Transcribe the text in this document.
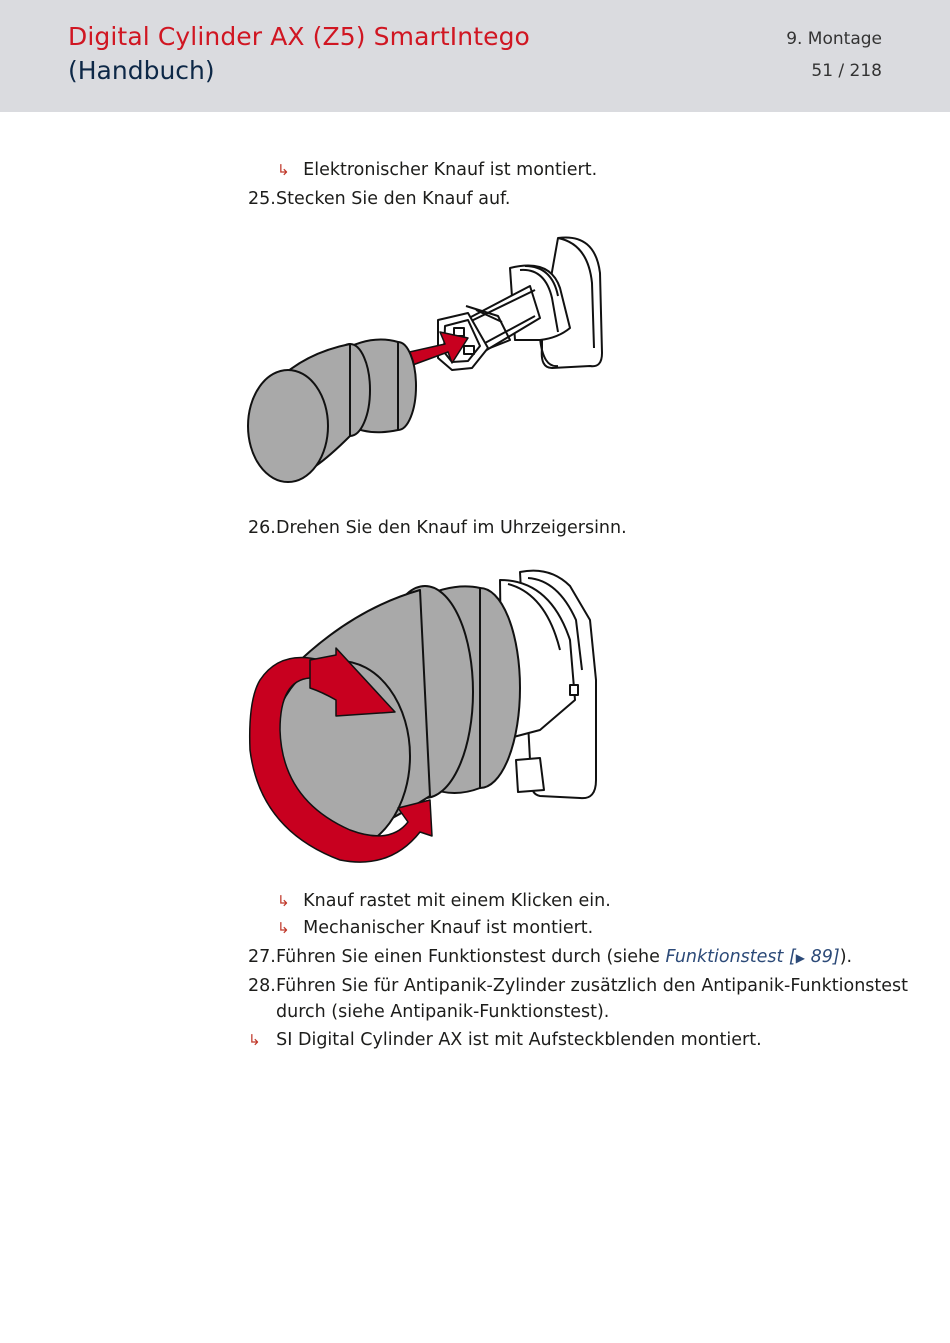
Digital Cylinder AX (Z5) SmartIntego
(Handbuch)
9. Montage
51 / 218
↳ Elektronischer Knauf ist montiert.
25.Stecken Sie den Knauf auf.
26.Drehen Sie den Knauf im Uhrzeigersinn.
↳ Knauf rastet mit einem Klicken ein.
↳ Mechanischer Knauf ist montiert.
27.Führen Sie einen Funktionstest durch (siehe Funktionstest [▶ 89]).
28.Führen Sie für Antipanik-Zylinder zusätzlich den Antipanik-Funktionstest
durch (siehe Antipanik-Funktionstest).
↳ SI Digital Cylinder AX ist mit Aufsteckblenden montiert.
